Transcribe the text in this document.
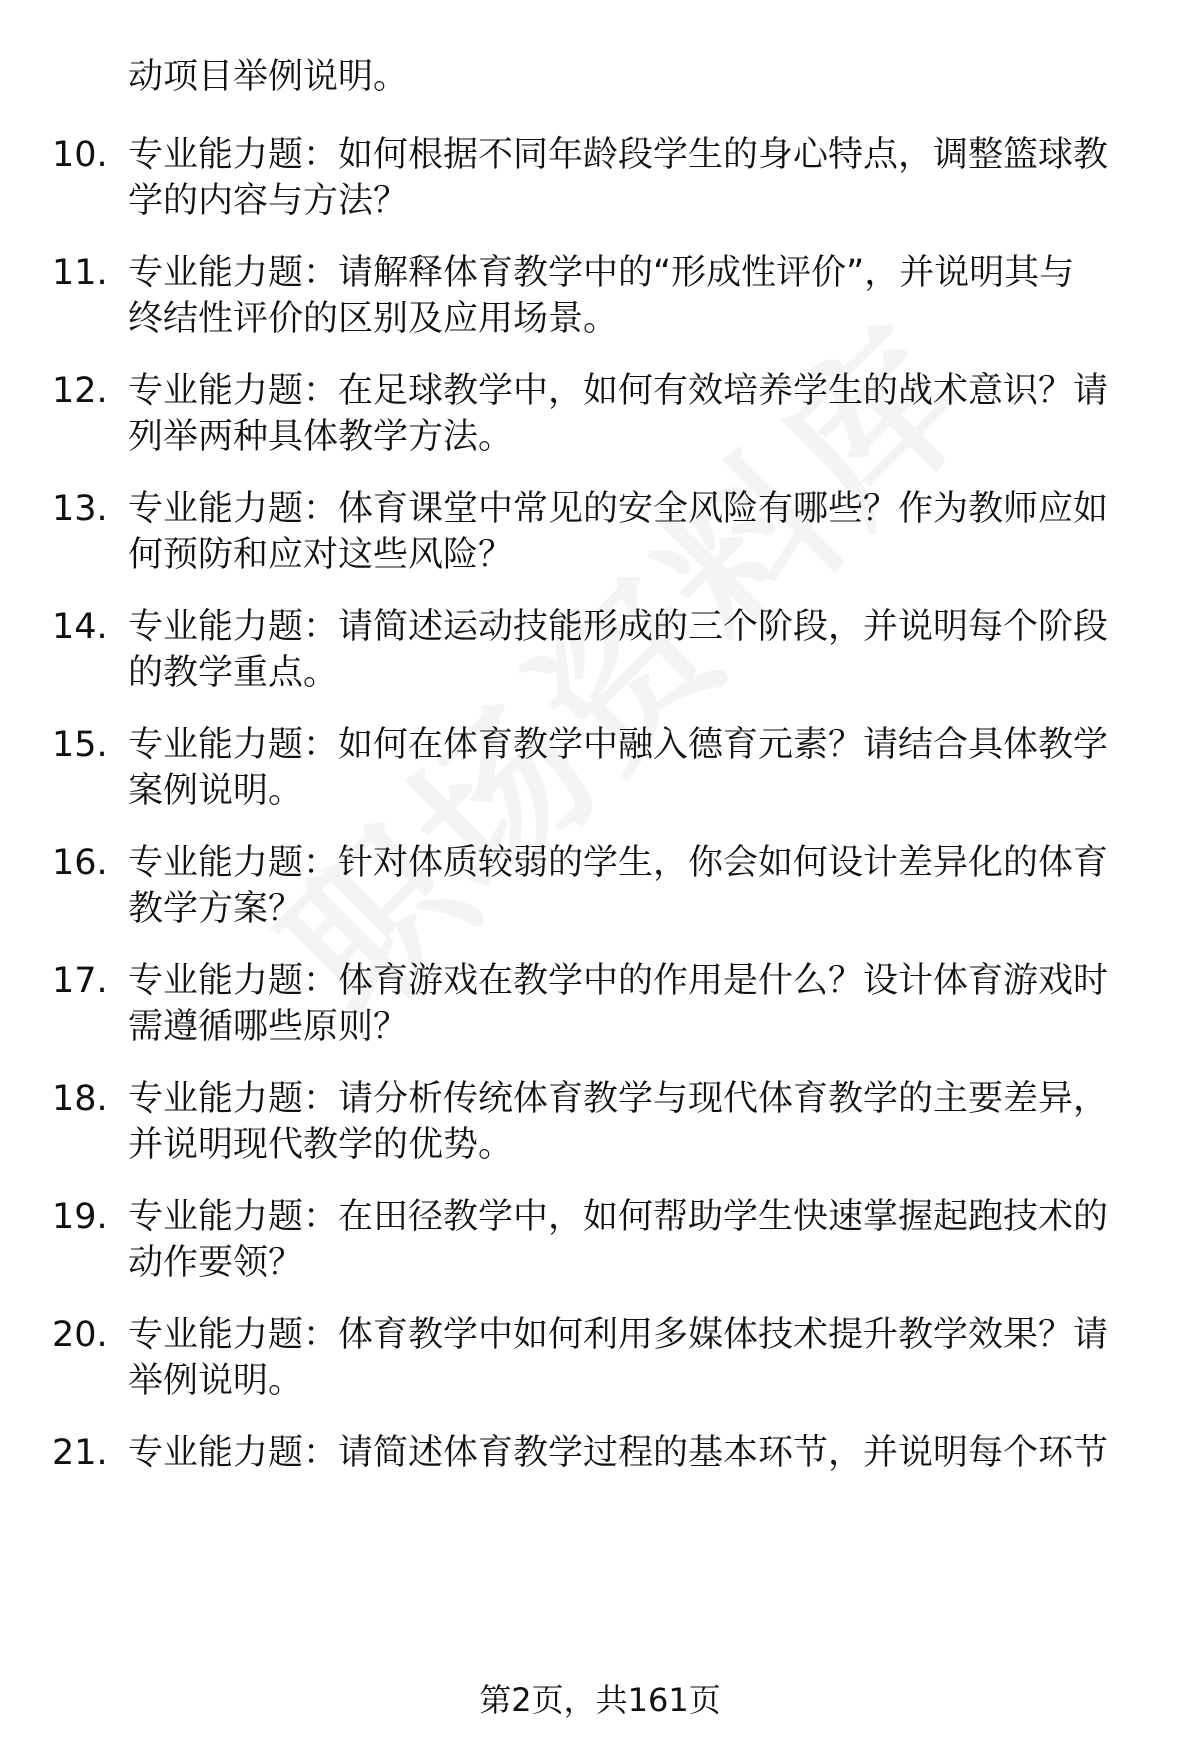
动项目举例说明。
10. 专业能力题：如何根据不同年龄段学生的身心特点，调整篮球教
学的内容与方法？
11. 专业能力题：请解释体育教学中的“形成性评价”，并说明其与
终结性评价的区别及应用场景。
12. 专业能力题：在足球教学中，如何有效培养学生的战术意识？请
列举两种具体教学方法。
13. 专业能力题：体育课堂中常见的安全风险有哪些？作为教师应如
何预防和应对这些风险？
14. 专业能力题：请简述运动技能形成的三个阶段，并说明每个阶段
的教学重点。
15. 专业能力题：如何在体育教学中融入德育元素？请结合具体教学
案例说明。
16. 专业能力题：针对体质较弱的学生，你会如何设计差异化的体育
教学方案？
17. 专业能力题：体育游戏在教学中的作用是什么？设计体育游戏时
需遵循哪些原则？
18. 专业能力题：请分析传统体育教学与现代体育教学的主要差异，
并说明现代教学的优势。
19. 专业能力题：在田径教学中，如何帮助学生快速掌握起跑技术的
动作要领？
20. 专业能力题：体育教学中如何利用多媒体技术提升教学效果？请
举例说明。
21. 专业能力题：请简述体育教学过程的基本环节，并说明每个环节
第2页，共161页
